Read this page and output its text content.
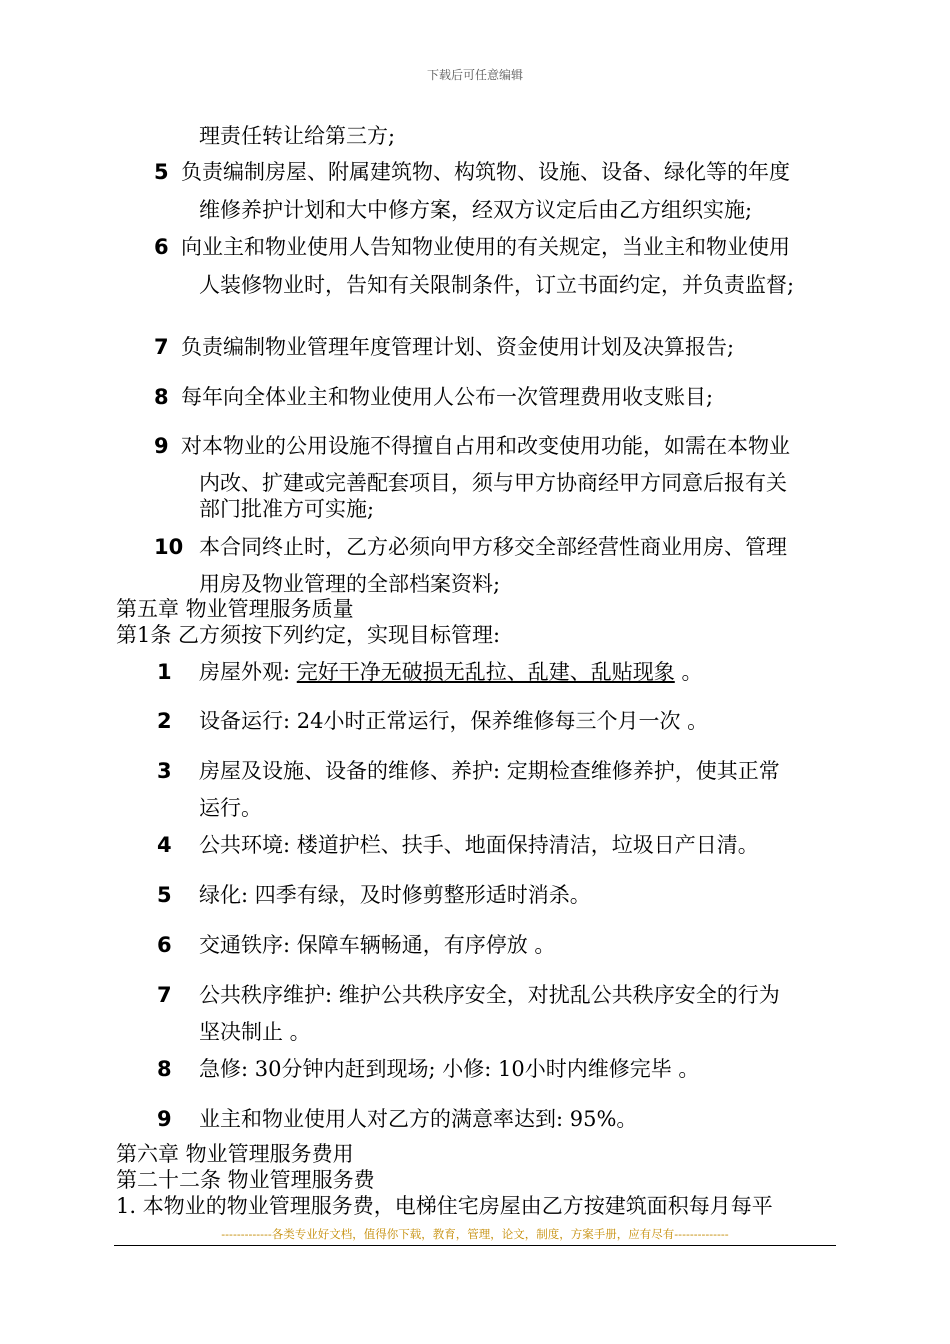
下载后可任意编辑
理责任转让给第三方;
5 负责编制房屋、附属建筑物、构筑物、设施、设备、绿化等的年度
维修养护计划和大中修方案，经双方议定后由乙方组织实施;
6 向业主和物业使用人告知物业使用的有关规定，当业主和物业使用
人装修物业时，告知有关限制条件，订立书面约定，并负责监督;
7 负责编制物业管理年度管理计划、资金使用计划及决算报告;
8 每年向全体业主和物业使用人公布一次管理费用收支账目;
9 对本物业的公用设施不得擅自占用和改变使用功能，如需在本物业
内改、扩建或完善配套项目，须与甲方协商经甲方同意后报有关
部门批准方可实施;
10 本合同终止时，乙方必须向甲方移交全部经营性商业用房、管理
用房及物业管理的全部档案资料;
第五章 物业管理服务质量
第1条 乙方须按下列约定，实现目标管理:
1 房屋外观: 完好干净无破损无乱拉、乱建、乱贴现象 。
2 设备运行: 24小时正常运行，保养维修每三个月一次 。
3 房屋及设施、设备的维修、养护: 定期检查维修养护，使其正常
运行。
4 公共环境: 楼道护栏、扶手、地面保持清洁，垃圾日产日清。
5 绿化: 四季有绿，及时修剪整形适时消杀。
6 交通铁序: 保障车辆畅通，有序停放 。
7 公共秩序维护: 维护公共秩序安全，对扰乱公共秩序安全的行为
坚决制止 。
8 急修: 30分钟内赶到现场; 小修: 10小时内维修完毕 。
9 业主和物业使用人对乙方的满意率达到: 95%。
第六章 物业管理服务费用
第二十二条 物业管理服务费
1. 本物业的物业管理服务费，电梯住宅房屋由乙方按建筑面积每月每平
-------------各类专业好文档，值得你下载，教育，管理，论文，制度，方案手册，应有尽有--------------
